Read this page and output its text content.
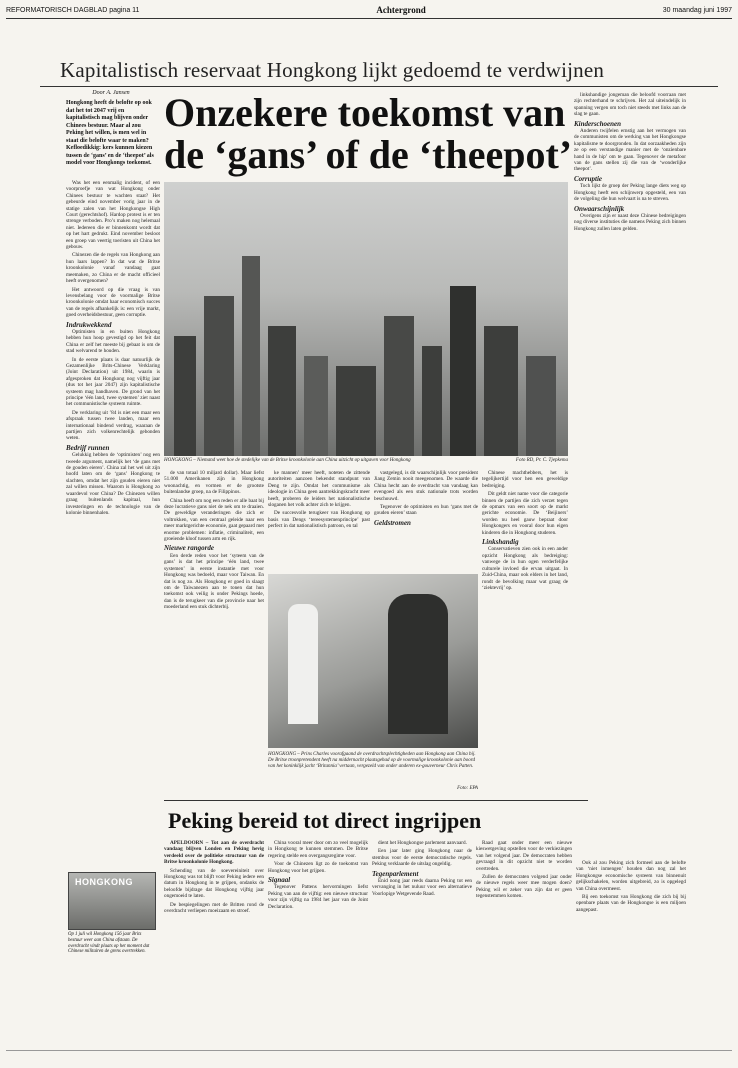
REFORMATORISCH DAGBLAD pagina 11	Achtergrond	30 maandag juni 1997
Kapitalistisch reservaat Hongkong lijkt gedoemd te verdwijnen
Door A. Jansen
Hongkong heeft de belofte op ook dat het tot 2047 vrij en kapitalistisch mag blijven onder Chinees bestuur. Maar al zou Peking het willen, is men wel in staat die belofte waar te maken? Kefloedikkig: kers kunnen kiezen tussen de ‘gans’ en de ‘theepot’ als model voor Hongkongs toekomst.
Onzekere toekomst van
de ‘gans’ of de ‘theepot’

Was het een eenmalig incident, of een voorproefje van wat Hongkong onder Chinees bestuur te wachten staat? Het gebeurde eind november vorig jaar in de statige zalen van het Hongkongse High Court (gerechtshof). Hardop protest is er ten strenge verboden. Pro’s maken nog helemaal niet. Iedereen die er binnenkomt wordt dat op het hart gedrukt. Eind november besloot een groep van veertig toeristen uit China het gebouw.

Chinezen die de regels van Hongkong aan hun laars lappen? In dat wat de Britse kroonkolonie vanaf vandaag gaat meemaken, zo China er de macht officieel heeft overgenomen?

Het antwoord op die vraag is van levensbelang voor de voormalige Britse kroonkolonie omdat haar economisch succes van de regels afhankelijk is: een vrije markt, goed overheidsbestuur, geen corruptie.

Indrukwekkend

Optimisten in en buiten Hongkong hebben hun hoop gevestigd op het feit dat China er zelf het meeste bij gebaat is om de stad welvarend te houden.

In de eerste plaats is daar natuurlijk de Gezamenlijke Brits-Chinese Verklaring (Joint Declaration) uit 1984, waarin is afgesproken dat Hongkong nog vijftig jaar (dus tot het jaar 2047) zijn kapitalistische systeem mag handhaven. De grond van het principe ‘één land, twee systemen’ ziet naast het communistische systeem ruimte.

De verklaring uit ’84 is niet een maar een afspraak tussen twee landen, maar een internationaal bindend verdrag, waaraan de partijen zich volkenrechtelijk gebonden weten.

Bedrijf runnen

Gelukkig hebben de ‘optimisten’ nog een tweede argument, namelijk het ‘de gans met de gouden eieren’. China zal het wel uit zijn hoofd laten om de ‘gans’ Hongkong te slachten, omdat het zijn gouden eieren niet zal willen missen. Waarom is Hongkong zo waardevol voor China? De Chinezen willen graag buitenlands kapitaal, hun investeringen en de technologie van de kolonie binnenhalen.

HONGKONG – Niemand weet hoe de stedelijke van de Britse kroonkolonie aan China uitzicht op uitgaven voor Hongkong	Foto RD, Pr. C. Tjepkema

de van totaal 10 miljard dollar). Maar liefst 51.000 Amerikanen zijn in Hongkong woonachtig, en vormen er de grootste buitenlandse groep, na de Filippinos.

China heeft om nog een reden er alle baat bij deze lucratieve gans niet de nek om te draaien. De geweldige veranderingen die zich er voltrokken, van een centraal geleide naar een meer marktgerichte economie, gaat gepaard met enorme problemen: inflatie, criminaliteit, een groeiende kloof tussen arm en rijk.

Nieuwe rangorde

Een derde reden voor het ‘syteem van de gans’ is dat het principe ‘één land, twee systemen’ in eerste instantie met voor Hongkong was bedoeld, maar voor Taiwan. En dat is nog zo. Als Hongkong er goed in slaagt om de Taiwanezen aan te tonen dat hun toekomst ook veilig is onder Pekings hoede, dan is de terugkeer van die provincie naar het moederland een stuk dichterbij.

ke mannen’ meer heeft, noteten de zittende autoriteiten aanzoen bekendst standpunt van Deng te zijn. Omdat het communisme als ideologie in China geen aantrekkingskracht meer heeft, proberen de leiders het nationalistische sloganen het volk achter zich te krijgen.

De succesvolle terugkeer van Hongkong op basis van Dengs ‘tereesystemenprincipe’ past perfect in dat nationalistisch patroon, en tal

vastgelegd, is dit waarschijnlijk voor president Jiang Zemin nooit meegenomen. De waarde die China hecht aan de overdracht van vandaag kan evengoed als een stuk nationale trots worden beschouwd.

Tegenover de optimisten en hun ‘gans met de gouden eieren’ staan

Geldstromen
HONGKONG – Prins Charles voorafgaand de overdrachtsplechtigheden aan Hongkong aan China bij. De Britse troonpretendent heeft na middernacht plaatsgehad op de voormalige kroonkolonie aan boord van het koninklijk jacht ‘Britannia’ vertaan, vergezeld van onder anderen ex-gouverneur Chris Patten.
Foto: EPA

Chinese machthebbers, het is tegelijkertijd voor hen een geweldige bedreiging.

Dit geldt niet name voor die categorie binnen de partijen die zich verzet tegen de opmars van een soort op de markt gerichte economie. De ‘Beijiners’ worden nu heel gauw bepraat door Hongkongers en vooral door hun eigen kinderen die in Hongkong studeren.

Linkshandig

Conservatieven zien ook in een ander opzicht Hongkong als bedreiging: vanwege de in hun ogen verderfelijke culturele invloed die ervan uitgaat. In Zuid-China, maar ook elders in het land, rondt de bevolking maar wat graag de ‘ziektevrij’ op.

linkshandige jongeman die beloofd voorraan met zijn rechterhand te schrijven. Het zal uiteindelijk in spanning vergen om toch niet steeds met links aan de slag te gaan.

Kinderschoenen

Anderen twijfelen ernstig aan het vermogen van de communisten om de werking van het Hongkongse kapitalisme te doorgronden. In dat oorzaakheden zijn ze op een verstandige manier met de ‘onzienbare hand in de hip’ om te gaan. Tegenover de metafoor van de gans stellen zij die van de ‘wonderlijke theepot’.

Corruptie

Toch lijkt de groep der Peking lange diets weg op Hongkong heeft een schijnwerp opgesteld, een van de volgeling die hun welvaart is na te streven.

Onwaarschijnlijk

Overigens zijn er naast deze Chinese bedreigingen nog diverse instituties die namens Peking zich binnen Hongkong zullen laten gelden.

Peking bereid tot direct ingrijpen
HONGKONG
Op 1 juli wil Hongkong 156 jaar Brits bestuur weer aan China afstaan. De overdracht vindt plaats op het moment dat Chinese militairen de grens overtrekken.

APELDOORN – Tot aan de overdracht vandaag blijven Londen en Peking hevig verdeeld over de politieke structuur van de Britse kroonkolonie Hongkong.

Schending van de soevereiniteit over Hongkong was tot blijft voor Peking iedere een datum in Hongkong in te grijpen, ondanks de beloofde bijdrage dat Hongkong vijftig jaar ongemoeid te laten.

De bespiegelingen met de Britten rond de overdracht verliepen moeizaam en stroef.

China vooral meer door om zo veel mogelijk in Hongkong te kunnen stemmen. De Britse regering stelde een overgangsregime voor.

Voor de Chinezen ligt zo de toekomst van Hongkong voor het grijpen.

Signaal

Tegenover Pattens hervormingen liefst Peking van aan de vijftig: een nieuwe structuur voor zijn vijftig na 1984 het jaar van de Joint Declaration.

dient het Hongkongse parlement aanvaard.

Een jaar later ging Hongkong naar de stembus voor de eerste democratische regels. Peking verklaarde de uitslag ongeldig.

Tegenparlement

Enid nong jaar reeds daarna Peking tot een vervanging in het nuluur voor een alternatieve Voorlopige Wetgevende Raad.

Raad gaat onder meer een nieuwe kieswetgeving opstellen voor de verkiezingen van het volgend jaar. De democraten hebben gevraagd in dit opzicht niet te worden overtreden.

Zullen de democraten volgend jaar onder de nieuwe regels weer mee mogen doen? Peking wil er zeker van zijn dat er geen tegenstemmen komen.

Ook al zou Peking zich formeel aan de belofte van ‘niet inmengen’ houden dan nog zal het Hongkongse economische systeem van binnenuit gelijkschakelen, worden uitgebreid, zo is opgelegd van China overmeest.

Bij een toekomst van Hongkong die zich bij bij openbare plaats van de Hongkongse is een miljoen aangepast.
